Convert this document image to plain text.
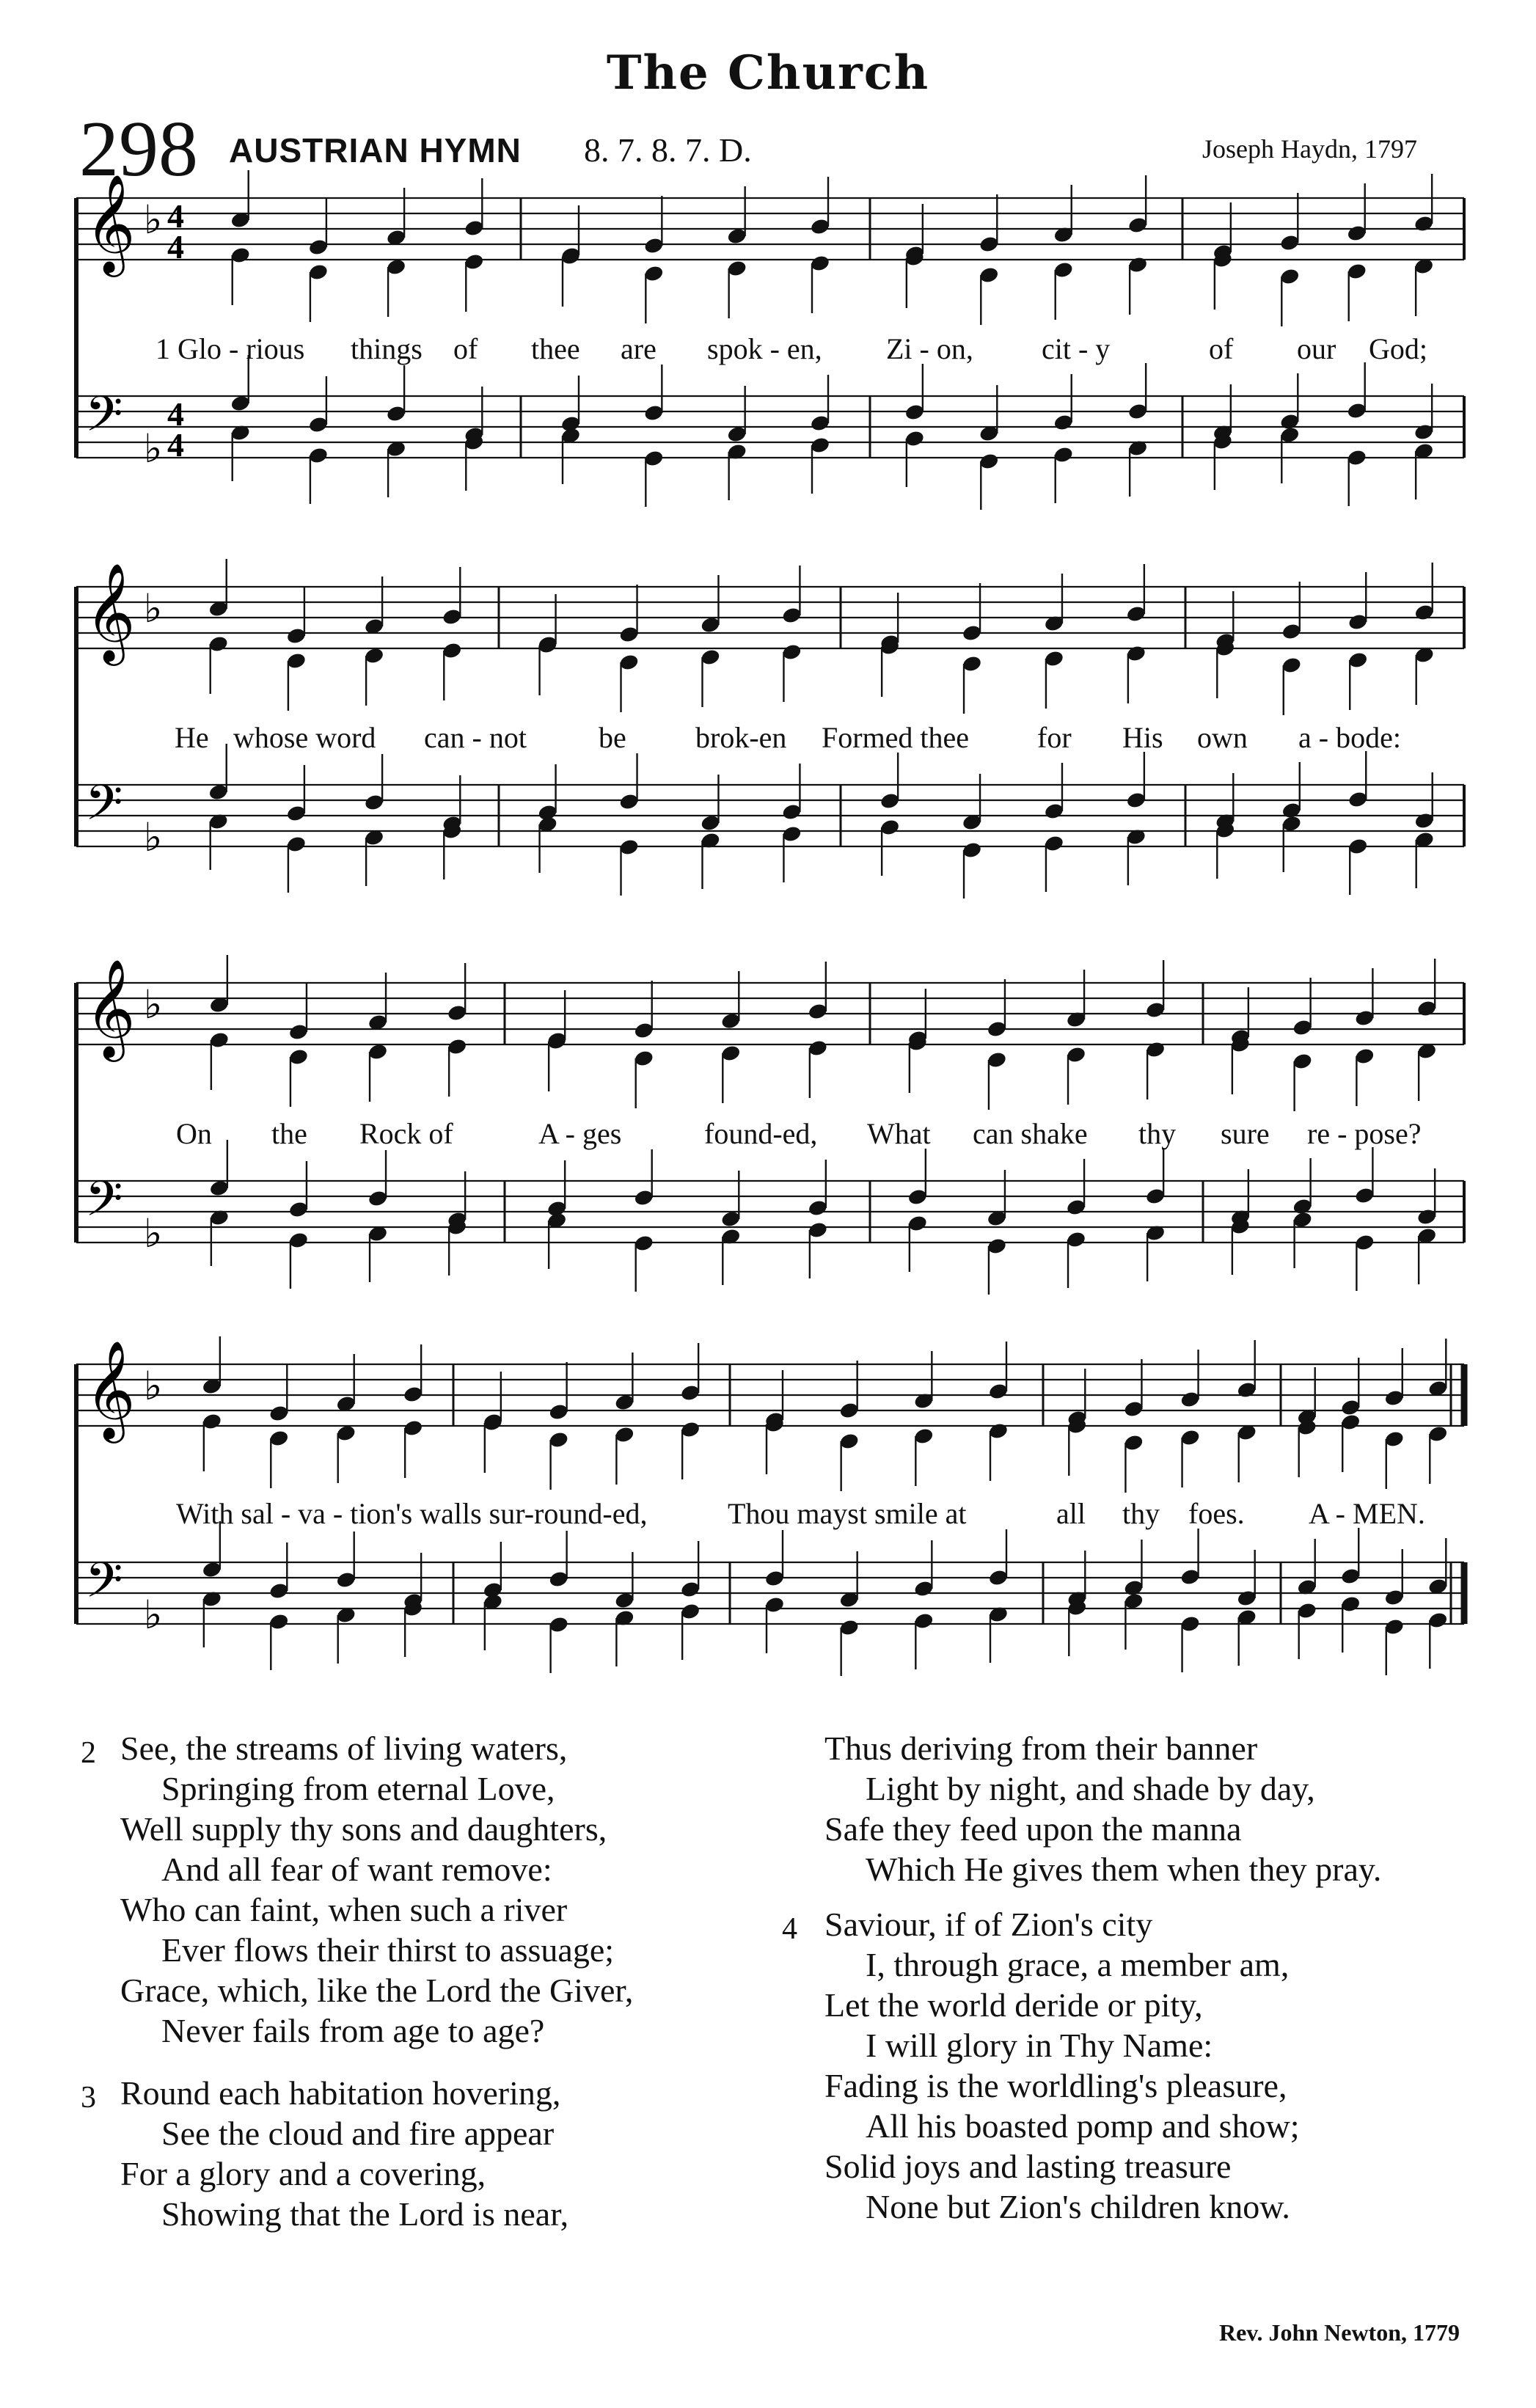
The Church
298 AUSTRIAN HYMN 8. 7. 8. 7. D.	Joseph Haydn, 1797
𝄞 ♭ 4
4
𝄢 ♭
4
4
𝄞 ♭
𝄢 ♭
𝄞 ♭
𝄢 ♭
𝄞 ♭
𝄢 ♭
1 Glo - rious things of thee are spok - en, Zi - on, cit - y	of our God;
He whose word can - not be brok-en Formed thee for His own a - bode:
On the Rock of	A - ges	found-ed, What can shake thy sure re - pose?
With sal - va - tion's walls sur-round-ed,	Thou mayst smile at	all thy foes. A - MEN.
2 See, the streams of living waters,
Springing from eternal Love,
Well supply thy sons and daughters,
And all fear of want remove:
Who can faint, when such a river
Ever flows their thirst to assuage;
Grace, which, like the Lord the Giver,
Never fails from age to age?
3 Round each habitation hovering,
See the cloud and fire appear
For a glory and a covering,
Showing that the Lord is near,
Thus deriving from their banner
Light by night, and shade by day,
Safe they feed upon the manna
Which He gives them when they pray.
4 Saviour, if of Zion's city
I, through grace, a member am,
Let the world deride or pity,
I will glory in Thy Name:
Fading is the worldling's pleasure,
All his boasted pomp and show;
Solid joys and lasting treasure
None but Zion's children know.
Rev. John Newton, 1779
